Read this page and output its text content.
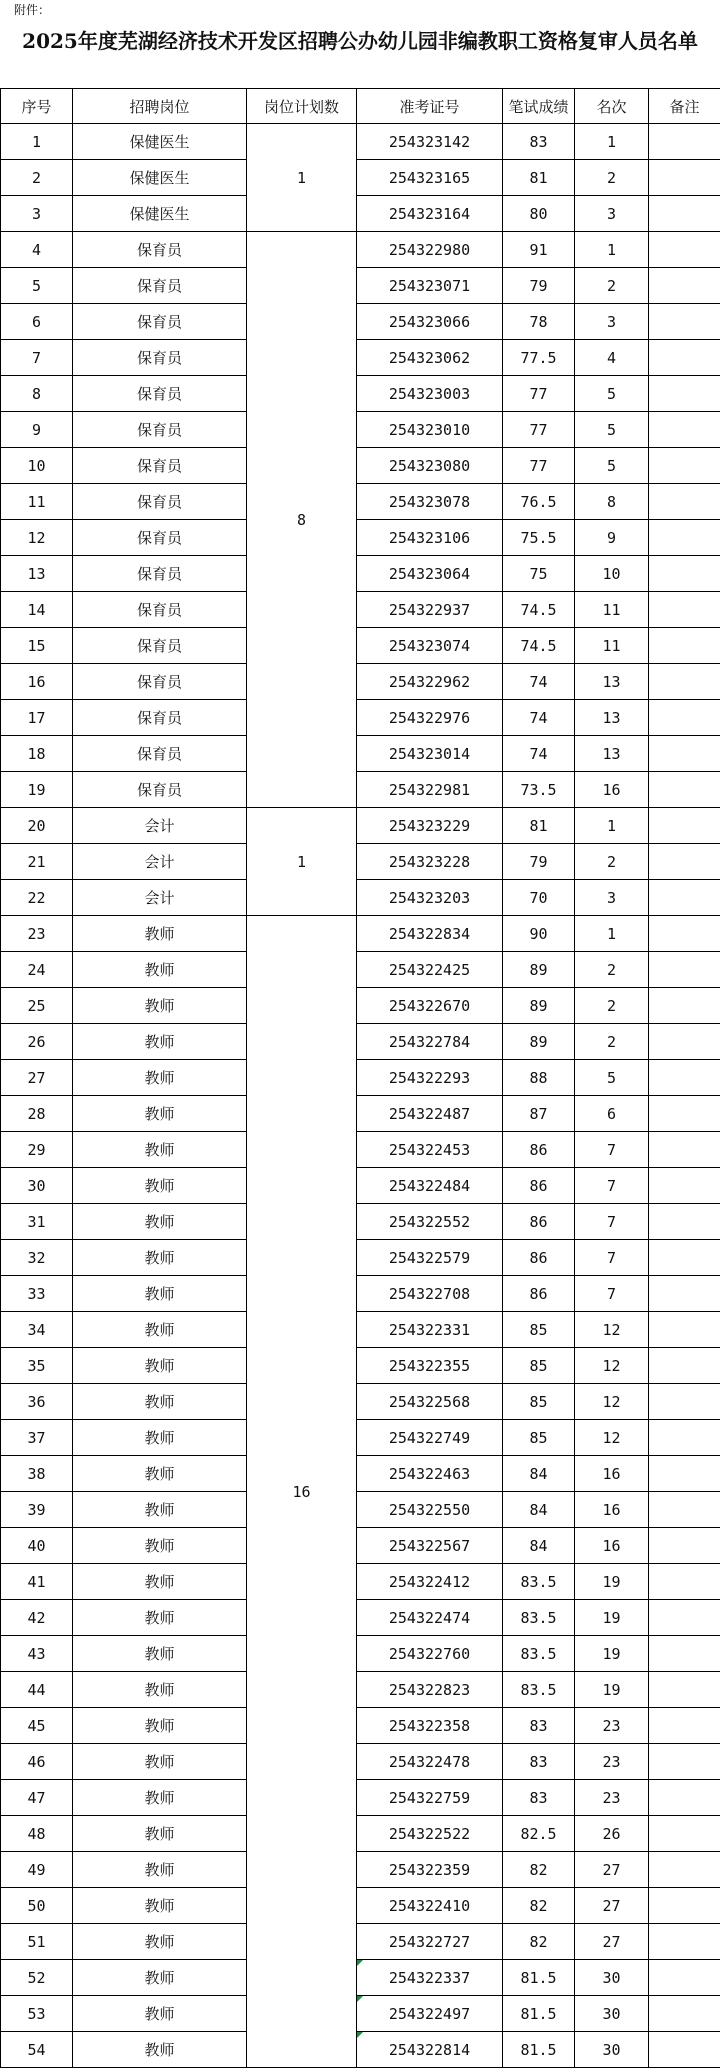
附件：
2025年度芜湖经济技术开发区招聘公办幼儿园非编教职工资格复审人员名单
序号	招聘岗位	岗位计划数	准考证号	笔试成绩	名次	备注
1	保健医生	1	254323142	83	1	
2	保健医生		254323165	81	2	
3	保健医生		254323164	80	3	
4	保育员	8	254322980	91	1	
5	保育员		254323071	79	2	
6	保育员		254323066	78	3	
7	保育员		254323062	77.5	4	
8	保育员		254323003	77	5	
9	保育员		254323010	77	5	
10	保育员		254323080	77	5	
11	保育员		254323078	76.5	8	
12	保育员		254323106	75.5	9	
13	保育员		254323064	75	10	
14	保育员		254322937	74.5	11	
15	保育员		254323074	74.5	11	
16	保育员		254322962	74	13	
17	保育员		254322976	74	13	
18	保育员		254323014	74	13	
19	保育员		254322981	73.5	16	
20	会计	1	254323229	81	1	
21	会计		254323228	79	2	
22	会计		254323203	70	3	
23	教师	16	254322834	90	1	
24	教师		254322425	89	2	
25	教师		254322670	89	2	
26	教师		254322784	89	2	
27	教师		254322293	88	5	
28	教师		254322487	87	6	
29	教师		254322453	86	7	
30	教师		254322484	86	7	
31	教师		254322552	86	7	
32	教师		254322579	86	7	
33	教师		254322708	86	7	
34	教师		254322331	85	12	
35	教师		254322355	85	12	
36	教师		254322568	85	12	
37	教师		254322749	85	12	
38	教师		254322463	84	16	
39	教师		254322550	84	16	
40	教师		254322567	84	16	
41	教师		254322412	83.5	19	
42	教师		254322474	83.5	19	
43	教师		254322760	83.5	19	
44	教师		254322823	83.5	19	
45	教师		254322358	83	23	
46	教师		254322478	83	23	
47	教师		254322759	83	23	
48	教师		254322522	82.5	26	
49	教师		254322359	82	27	
50	教师		254322410	82	27	
51	教师		254322727	82	27	
52	教师		254322337	81.5	30	
53	教师		254322497	81.5	30	
54	教师		254322814	81.5	30	
